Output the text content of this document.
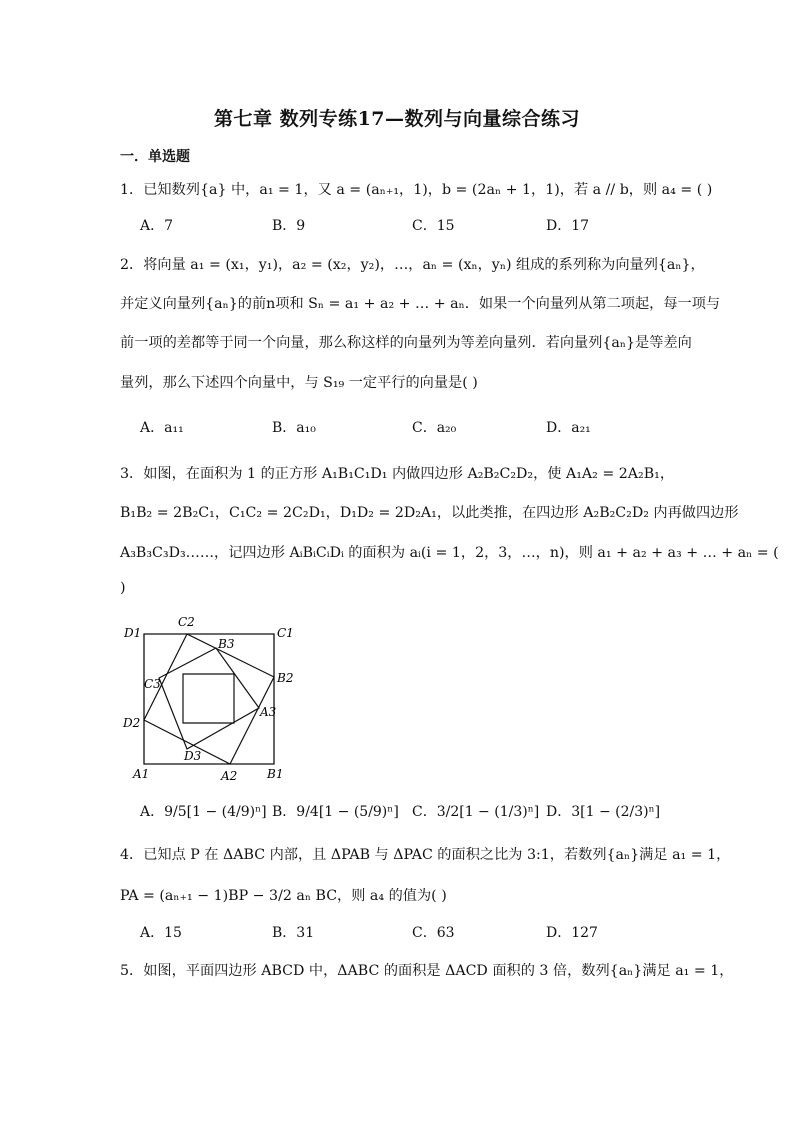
第七章 数列专练17—数列与向量综合练习
一．单选题
1．已知数列{a} 中，a₁ = 1，又 a = (aₙ₊₁，1)，b = (2aₙ + 1，1)，若 a // b，则 a₄ = ( )
A．7	B．9	C．15	D．17
2．将向量 a₁ = (x₁，y₁)，a₂ = (x₂，y₂)，…，aₙ = (xₙ，yₙ) 组成的系列称为向量列{aₙ}，
并定义向量列{aₙ}的前n项和 Sₙ = a₁ + a₂ + … + aₙ．如果一个向量列从第二项起，每一项与
前一项的差都等于同一个向量，那么称这样的向量列为等差向量列．若向量列{aₙ}是等差向
量列，那么下述四个向量中，与 S₁₉ 一定平行的向量是( )
A．a₁₁	B．a₁₀	C．a₂₀	D．a₂₁
3．如图，在面积为 1 的正方形 A₁B₁C₁D₁ 内做四边形 A₂B₂C₂D₂，使 A₁A₂ = 2A₂B₁，
B₁B₂ = 2B₂C₁，C₁C₂ = 2C₂D₁，D₁D₂ = 2D₂A₁，以此类推，在四边形 A₂B₂C₂D₂ 内再做四边形
A₃B₃C₃D₃……，记四边形 AᵢBᵢCᵢDᵢ 的面积为 aᵢ(i = 1，2，3，…，n)，则 a₁ + a₂ + a₃ + … + aₙ = (
)
D1	C1
C2
B3
B2
C3
A3
D2
D3
A1	A2 B1
A．9/5[1 − (4/9)ⁿ] B．9/4[1 − (5/9)ⁿ] C．3/2[1 − (1/3)ⁿ] D．3[1 − (2/3)ⁿ]
4．已知点 P 在 ΔABC 内部，且 ΔPAB 与 ΔPAC 的面积之比为 3:1，若数列{aₙ}满足 a₁ = 1，
PA = (aₙ₊₁ − 1)BP − 3/2 aₙ BC，则 a₄ 的值为( )
A．15	B．31	C．63	D．127
5．如图，平面四边形 ABCD 中，ΔABC 的面积是 ΔACD 面积的 3 倍，数列{aₙ}满足 a₁ = 1，
